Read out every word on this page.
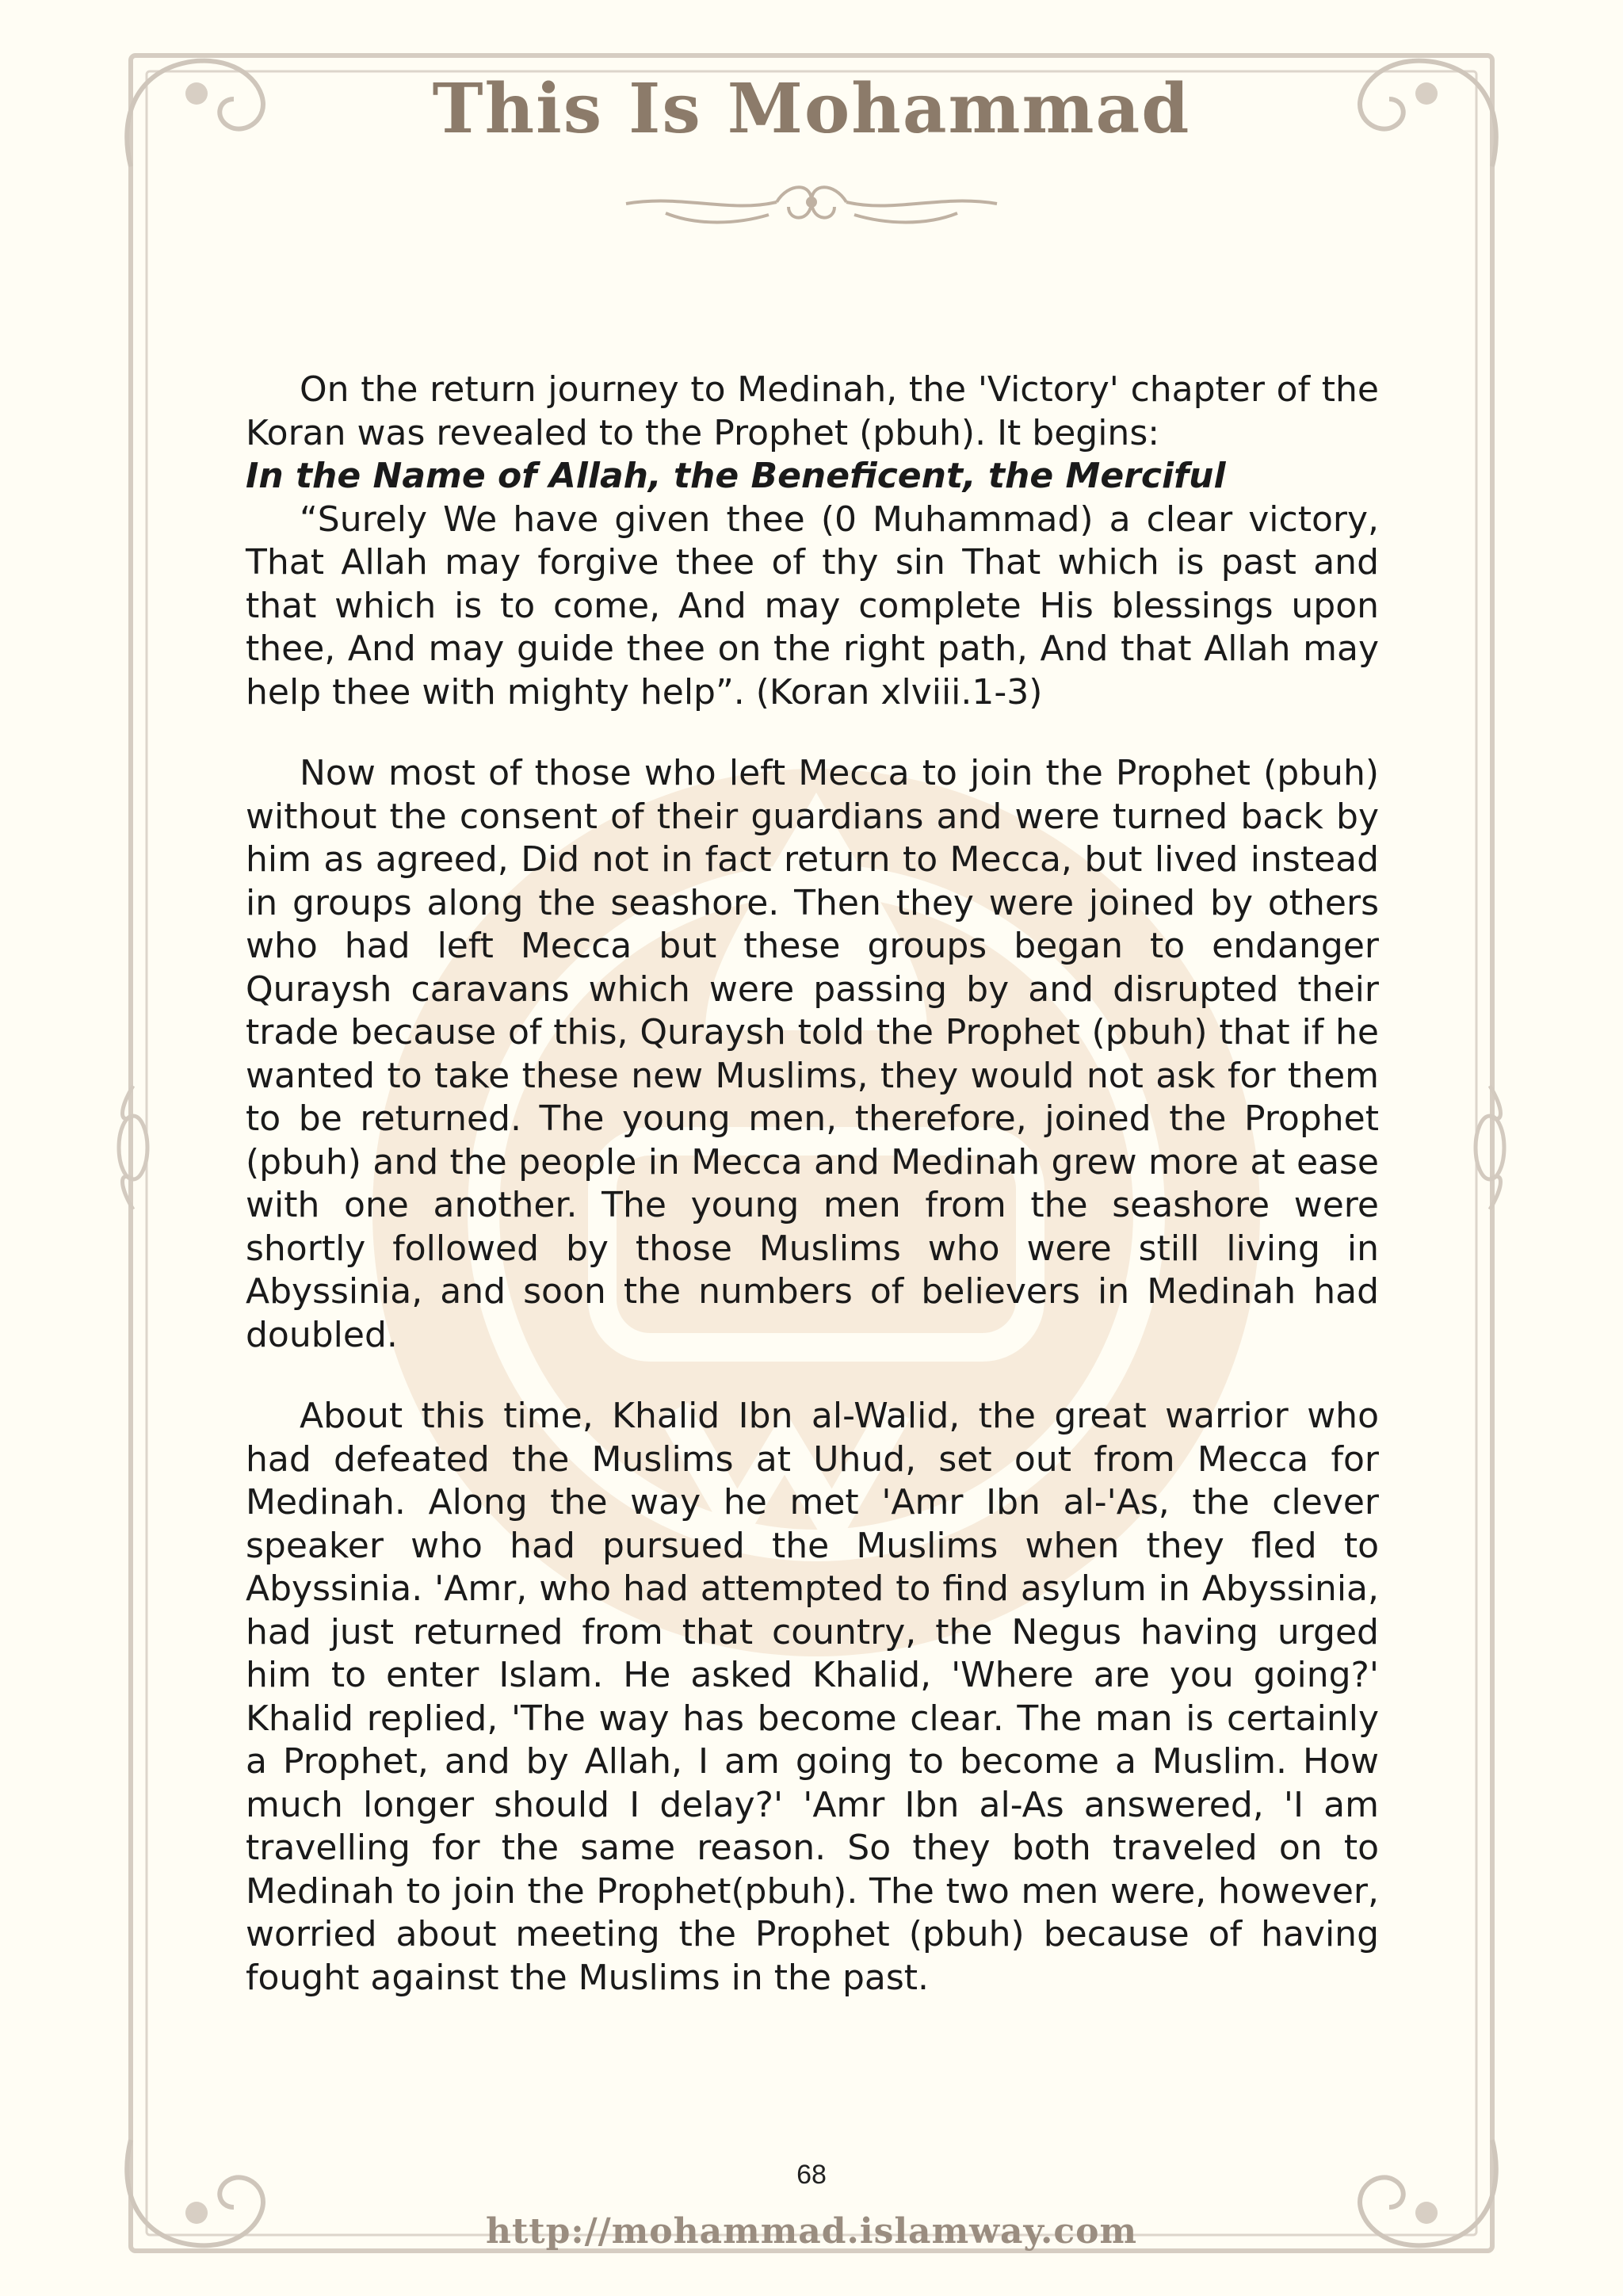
This Is Mohammad

On the return journey to Medinah, the 'Victory' chapter of the Koran was revealed to the Prophet (pbuh). It begins:

In the Name of Allah, the Beneficent, the Merciful

“Surely We have given thee (0 Muhammad) a clear victory, That Allah may forgive thee of thy sin That which is past and that which is to come, And may complete His blessings upon thee, And may guide thee on the right path, And that Allah may help thee with mighty help”. (Koran xlviii.1-3)

Now most of those who left Mecca to join the Prophet (pbuh) without the consent of their guardians and were turned back by him as agreed, Did not in fact return to Mecca, but lived instead in groups along the seashore. Then they were joined by others who had left Mecca but these groups began to endanger Quraysh caravans which were passing by and disrupted their trade because of this, Quraysh told the Prophet (pbuh) that if he wanted to take these new Muslims, they would not ask for them to be returned. The young men, therefore, joined the Prophet (pbuh) and the people in Mecca and Medinah grew more at ease with one another. The young men from the seashore were shortly followed by those Muslims who were still living in Abyssinia, and soon the numbers of believers in Medinah had doubled.

About this time, Khalid Ibn al-Walid, the great warrior who had defeated the Muslims at Uhud, set out from Mecca for Medinah. Along the way he met 'Amr Ibn al-'As, the clever speaker who had pursued the Muslims when they fled to Abyssinia. 'Amr, who had attempted to find asylum in Abyssinia, had just returned from that country, the Negus having urged him to enter Islam. He asked Khalid, 'Where are you going?' Khalid replied, 'The way has become clear. The man is certainly a Prophet, and by Allah, I am going to become a Muslim. How much longer should I delay?' 'Amr Ibn al-As answered, 'I am travelling for the same reason. So they both traveled on to Medinah to join the Prophet(pbuh). The two men were, however, worried about meeting the Prophet (pbuh) because of having fought against the Muslims in the past.

68
http://mohammad.islamway.com
